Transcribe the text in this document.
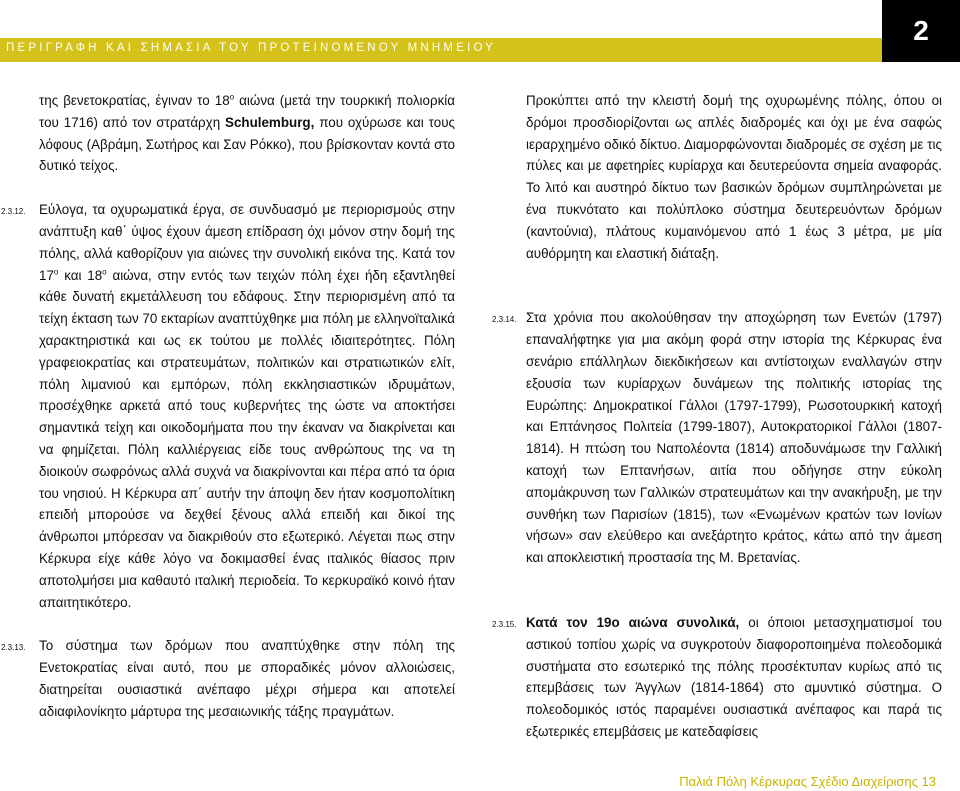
ΠΕΡΙΓΡΑΦΗ ΚΑΙ ΣΗΜΑΣΙΑ ΤΟΥ ΠΡΟΤΕΙΝΟΜΕΝΟΥ ΜΝΗΜΕΙΟΥ
2

της βενετοκρατίας, έγιναν το $18^o$ αιώνα (μετά την τουρκική πολιορκία του 1716) από τον στρατάρχη Schulemburg, που οχύρωσε και τους λόφους (Αβράμη, Σωτήρος και Σαν Ρόκκο), που βρίσκονταν κοντά στο δυτικό τείχος.

2.3.12. Εύλογα, τα οχυρωματικά έργα, σε συνδυασμό με περιορισμούς στην ανάπτυξη καθ΄ ύψος έχουν άμεση επίδραση όχι μόνον στην δομή της πόλης, αλλά καθορίζουν για αιώνες την συνολική εικόνα της. Κατά τον $17^o$ και $18^o$ αιώνα, στην εντός των τειχών πόλη έχει ήδη εξαντληθεί κάθε δυνατή εκμετάλλευση του εδάφους. Στην περιορισμένη από τα τείχη έκταση των 70 εκταρίων αναπτύχθηκε μια πόλη με ελληνοϊταλικά χαρακτηριστικά και ως εκ τούτου με πολλές ιδιαιτερότητες. Πόλη γραφειοκρατίας και στρατευμάτων, πολιτικών και στρατιωτικών ελίτ, πόλη λιμανιού και εμπόρων, πόλη εκκλησιαστικών ιδρυμάτων, προσέχθηκε αρκετά από τους κυβερνήτες της ώστε να αποκτήσει σημαντικά τείχη και οικοδομήματα που την έκαναν να διακρίνεται και να φημίζεται. Πόλη καλλιέργειας είδε τους ανθρώπους της να τη διοικούν σωφρόνως αλλά συχνά να διακρίνονται και πέρα από τα όρια του νησιού. Η Κέρκυρα απ΄ αυτήν την άποψη δεν ήταν κοσμοπολίτικη επειδή μπορούσε να δεχθεί ξένους αλλά επειδή και δικοί της άνθρωποι μπόρεσαν να διακριθούν στο εξωτερικό. Λέγεται πως στην Κέρκυρα είχε κάθε λόγο να δοκιμασθεί ένας ιταλικός θίασος πριν αποτολμήσει μια καθαυτό ιταλική περιοδεία. Το κερκυραϊκό κοινό ήταν απαιτητικότερο.

2.3.13. Το σύστημα των δρόμων που αναπτύχθηκε στην πόλη της Ενετοκρατίας είναι αυτό, που με σποραδικές μόνον αλλοιώσεις, διατηρείται ουσιαστικά ανέπαφο μέχρι σήμερα και αποτελεί αδιαφιλονίκητο μάρτυρα της μεσαιωνικής τάξης πραγμάτων.

Προκύπτει από την κλειστή δομή της οχυρωμένης πόλης, όπου οι δρόμοι προσδιορίζονται ως απλές διαδρομές και όχι με ένα σαφώς ιεραρχημένο οδικό δίκτυο. Διαμορφώνονται διαδρομές σε σχέση με τις πύλες και με αφετηρίες κυρίαρχα και δευτερεύοντα σημεία αναφοράς. Το λιτό και αυστηρό δίκτυο των βασικών δρόμων συμπληρώνεται με ένα πυκνότατο και πολύπλοκο σύστημα δευτερευόντων δρόμων (καντούνια), πλάτους κυμαινόμενου από 1 έως 3 μέτρα, με μία αυθόρμητη και ελαστική διάταξη.

2.3.14. Στα χρόνια που ακολούθησαν την αποχώρηση των Ενετών (1797) επαναλήφτηκε για μια ακόμη φορά στην ιστορία της Κέρκυρας ένα σενάριο επάλληλων διεκδικήσεων και αντίστοιχων εναλλαγών στην εξουσία των κυρίαρχων δυνάμεων της πολιτικής ιστορίας της Ευρώπης: Δημοκρατικοί Γάλλοι (1797-1799), Ρωσοτουρκική κατοχή και Επτάνησος Πολιτεία (1799-1807), Αυτοκρατορικοί Γάλλοι (1807-1814). Η πτώση του Ναπολέοντα (1814) αποδυνάμωσε την Γαλλική κατοχή των Επτανήσων, αιτία που οδήγησε στην εύκολη απομάκρυνση των Γαλλικών στρατευμάτων και την ανακήρυξη, με την συνθήκη των Παρισίων (1815), των «Ενωμένων κρατών των Ιονίων νήσων» σαν ελεύθερο και ανεξάρτητο κράτος, κάτω από την άμεση και αποκλειστική προστασία της Μ. Βρετανίας.

2.3.15. Κατά τον 19ο αιώνα συνολικά, οι όποιοι μετασχηματισμοί του αστικού τοπίου χωρίς να συγκροτούν διαφοροποιημένα πολεοδομικά συστήματα στο εσωτερικό της πόλης προσέκτυπαν κυρίως από τις επεμβάσεις των Άγγλων (1814-1864) στο αμυντικό σύστημα. Ο πολεοδομικός ιστός παραμένει ουσιαστικά ανέπαφος και παρά τις εξωτερικές επεμβάσεις με κατεδαφίσεις

Παλιά Πόλη Κέρκυρας Σχέδιο Διαχείρισης 13
